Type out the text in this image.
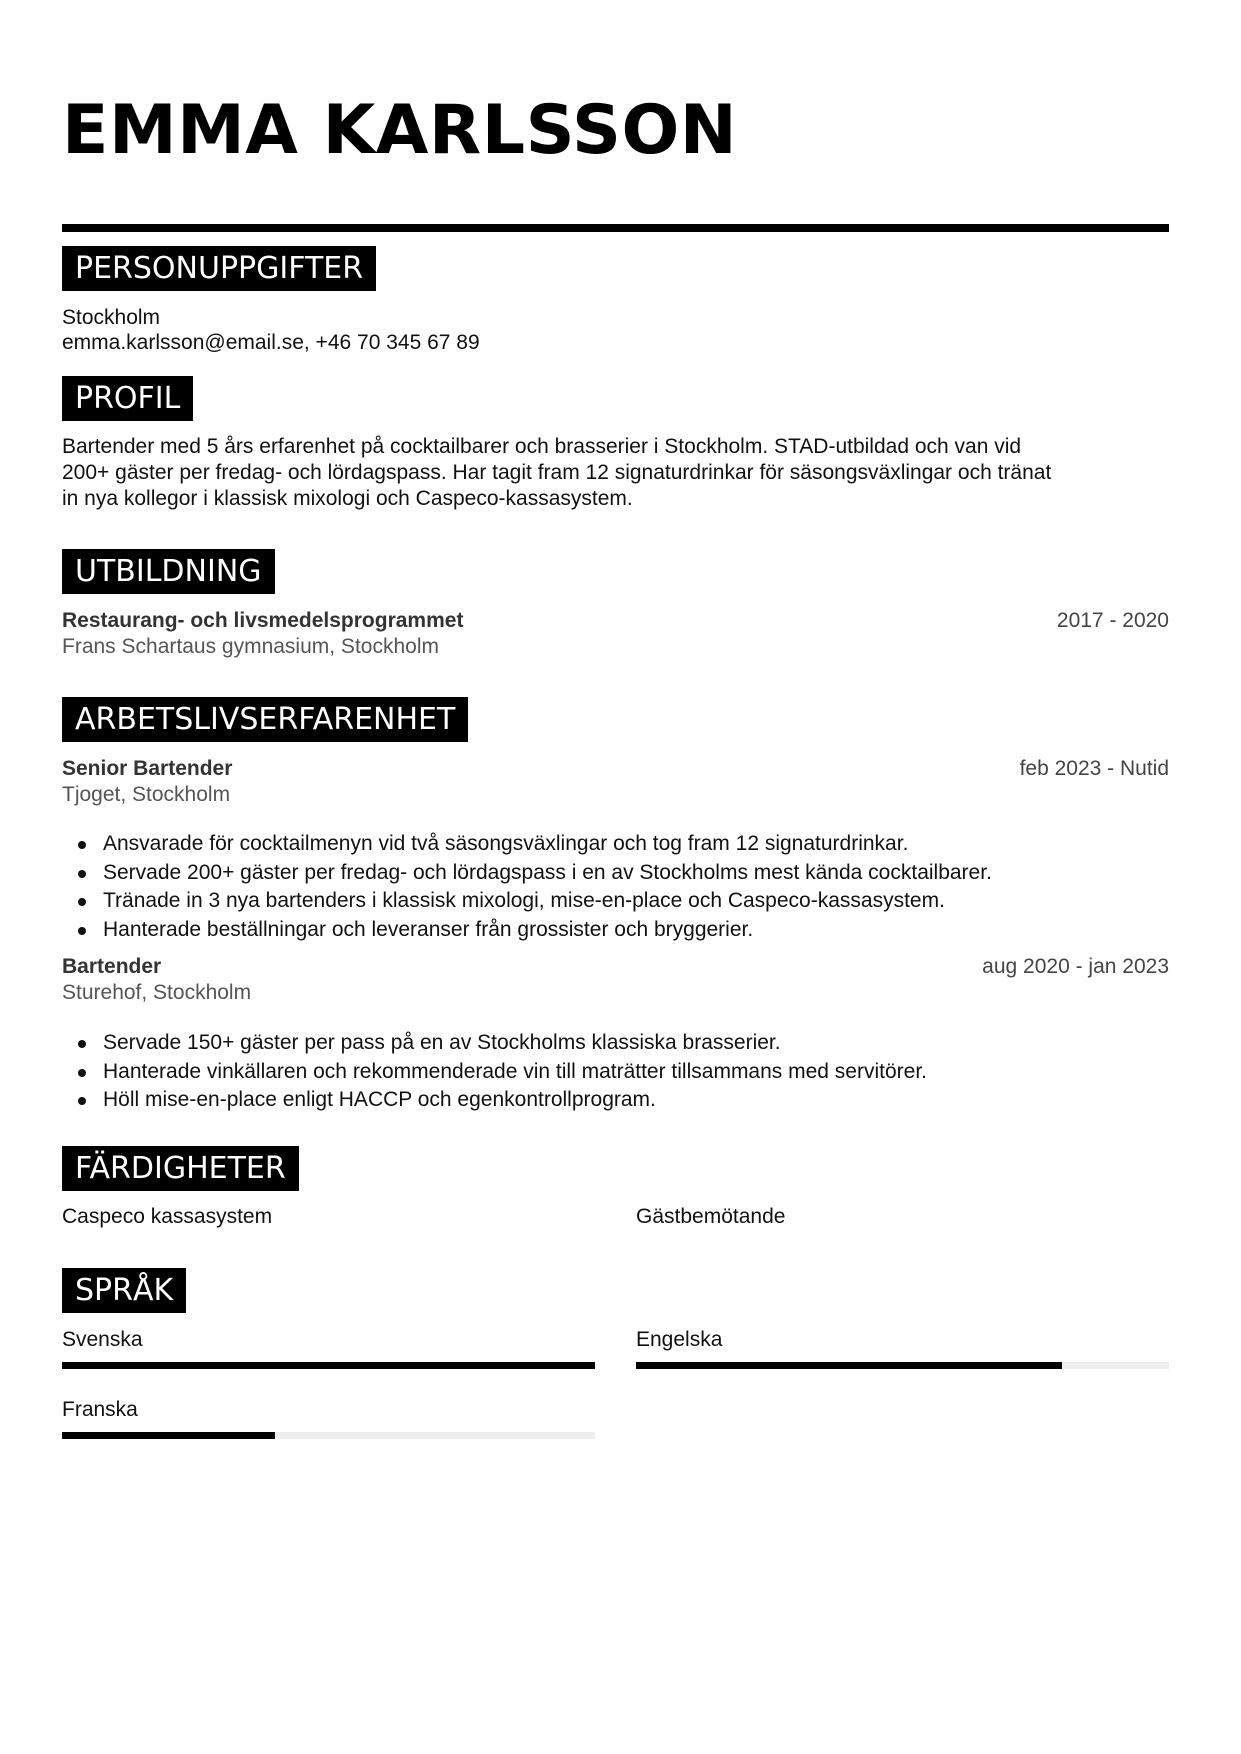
EMMA KARLSSON
PERSONUPPGIFTER
Stockholm
emma.karlsson@email.se, +46 70 345 67 89
PROFIL
Bartender med 5 års erfarenhet på cocktailbarer och brasserier i Stockholm. STAD-utbildad och van vid
200+ gäster per fredag- och lördagspass. Har tagit fram 12 signaturdrinkar för säsongsväxlingar och tränat
in nya kollegor i klassisk mixologi och Caspeco-kassasystem.
UTBILDNING
Restaurang- och livsmedelsprogrammet	2017 - 2020
Frans Schartaus gymnasium, Stockholm
ARBETSLIVSERFARENHET
Senior Bartender	feb 2023 - Nutid
Tjoget, Stockholm
Ansvarade för cocktailmenyn vid två säsongsväxlingar och tog fram 12 signaturdrinkar.
Servade 200+ gäster per fredag- och lördagspass i en av Stockholms mest kända cocktailbarer.
Tränade in 3 nya bartenders i klassisk mixologi, mise-en-place och Caspeco-kassasystem.
Hanterade beställningar och leveranser från grossister och bryggerier.
Bartender	aug 2020 - jan 2023
Sturehof, Stockholm
Servade 150+ gäster per pass på en av Stockholms klassiska brasserier.
Hanterade vinkällaren och rekommenderade vin till maträtter tillsammans med servitörer.
Höll mise-en-place enligt HACCP och egenkontrollprogram.
FÄRDIGHETER
Caspeco kassasystem	Gästbemötande
SPRÅK
Svenska	Engelska
Franska
